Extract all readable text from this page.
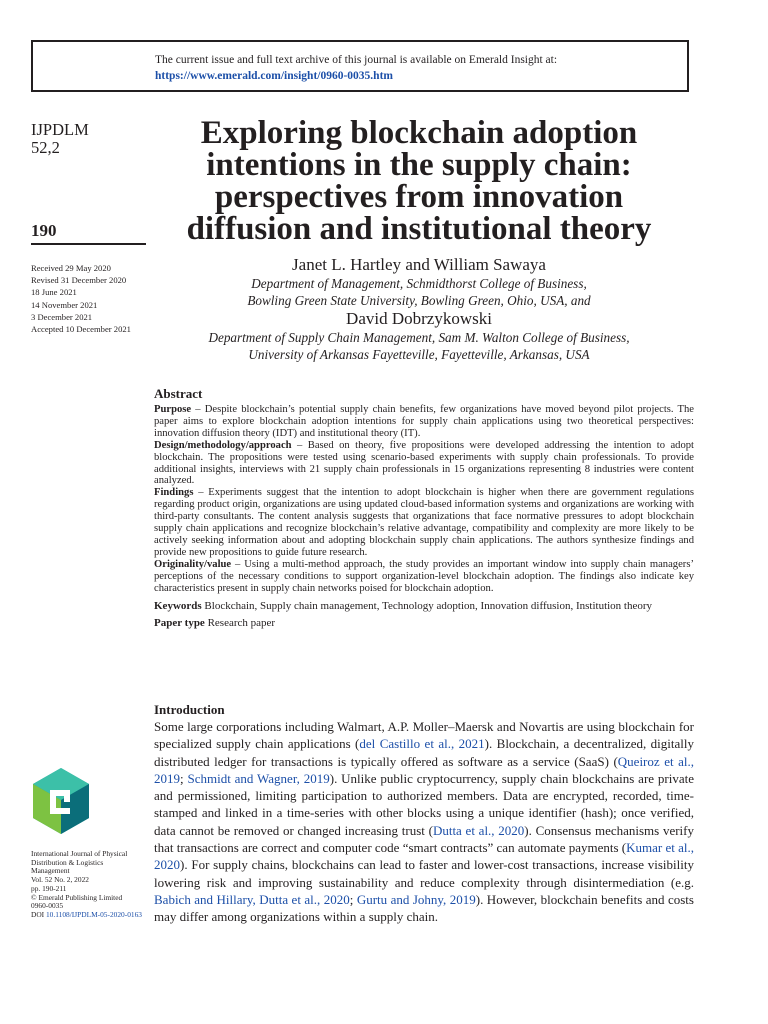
The current issue and full text archive of this journal is available on Emerald Insight at:
https://www.emerald.com/insight/0960-0035.htm
IJPDLM
52,2
190
Received 29 May 2020
Revised 31 December 2020
18 June 2021
14 November 2021
3 December 2021
Accepted 10 December 2021
Exploring blockchain adoption
intentions in the supply chain:
perspectives from innovation
diffusion and institutional theory
Janet L. Hartley and William Sawaya
Department of Management, Schmidthorst College of Business,
Bowling Green State University, Bowling Green, Ohio, USA, and
David Dobrzykowski
Department of Supply Chain Management, Sam M. Walton College of Business,
University of Arkansas Fayetteville, Fayetteville, Arkansas, USA
Abstract

Purpose – Despite blockchain’s potential supply chain benefits, few organizations have moved beyond pilot projects. The paper aims to explore blockchain adoption intentions for supply chain applications using two theoretical perspectives: innovation diffusion theory (IDT) and institutional theory (IT).

Design/methodology/approach – Based on theory, five propositions were developed addressing the intention to adopt blockchain. The propositions were tested using scenario-based experiments with supply chain professionals. To provide additional insights, interviews with 21 supply chain professionals in 15 organizations representing 8 industries were content analyzed.

Findings – Experiments suggest that the intention to adopt blockchain is higher when there are government regulations regarding product origin, organizations are using updated cloud-based information systems and organizations are working with third-party consultants. The content analysis suggests that organizations that face normative pressures to adopt blockchain supply chain applications and recognize blockchain’s relative advantage, compatibility and complexity are more likely to be actively seeking information about and adopting blockchain supply chain applications. The authors synthesize findings and provide new propositions to guide future research.

Originality/value – Using a multi-method approach, the study provides an important window into supply chain managers’ perceptions of the necessary conditions to support organization-level blockchain adoption. The findings also indicate key characteristics present in supply chain networks poised for blockchain adoption.

Keywords Blockchain, Supply chain management, Technology adoption, Innovation diffusion, Institution theory

Paper type Research paper

Introduction

Some large corporations including Walmart, A.P. Moller–Maersk and Novartis are using blockchain for specialized supply chain applications (del Castillo et al., 2021). Blockchain, a decentralized, digitally distributed ledger for transactions is typically offered as software as a service (SaaS) (Queiroz et al., 2019; Schmidt and Wagner, 2019). Unlike public cryptocurrency, supply chain blockchains are private and permissioned, limiting participation to authorized members. Data are encrypted, recorded, time-stamped and linked in a time-series with other blocks using a unique identifier (hash); once verified, data cannot be removed or changed increasing trust (Dutta et al., 2020). Consensus mechanisms verify that transactions are correct and computer code “smart contracts” can automate payments (Kumar et al., 2020). For supply chains, blockchains can lead to faster and lower-cost transactions, increase visibility lowering risk and improving sustainability and reduce complexity through disintermediation (e.g. Babich and Hillary, Dutta et al., 2020; Gurtu and Johny, 2019). However, blockchain benefits and costs may differ among organizations within a supply chain.

International Journal of Physical
Distribution & Logistics
Management
Vol. 52 No. 2, 2022
pp. 190-211
© Emerald Publishing Limited
0960-0035
DOI 10.1108/IJPDLM-05-2020-0163
